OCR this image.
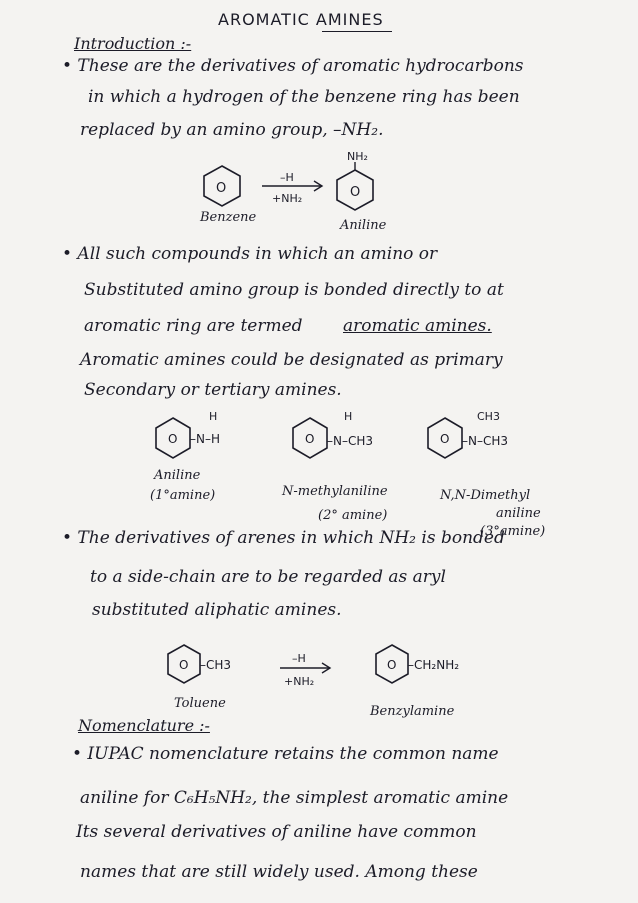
AROMATIC AMINES
Introduction :-
• These are the derivatives of aromatic hydrocarbons
in which a hydrogen of the benzene ring has been
replaced by an amino group, –NH₂.
O
–H
+NH₂	O
NH₂
Benzene
Aniline
• All such compounds in which an amino or
Substituted amino group is bonded directly to at
aromatic ring are termed aromatic amines.
Aromatic amines could be designated as primary
Secondary or tertiary amines.
O
H
–N–H	O
H
–N–CH3	O
CH3
–N–CH3
Aniline
(1°amine)	N-methylaniline
(2° amine)
N,N-Dimethyl
aniline
(3°amine)
• The derivatives of arenes in which NH₂ is bonded
to a side-chain are to be regarded as aryl
substituted aliphatic amines.
O –CH3	–H
+NH₂
O –CH₂NH₂
Toluene
Benzylamine
Nomenclature :-
• IUPAC nomenclature retains the common name
aniline for C₆H₅NH₂, the simplest aromatic amine
Its several derivatives of aniline have common
names that are still widely used. Among these
